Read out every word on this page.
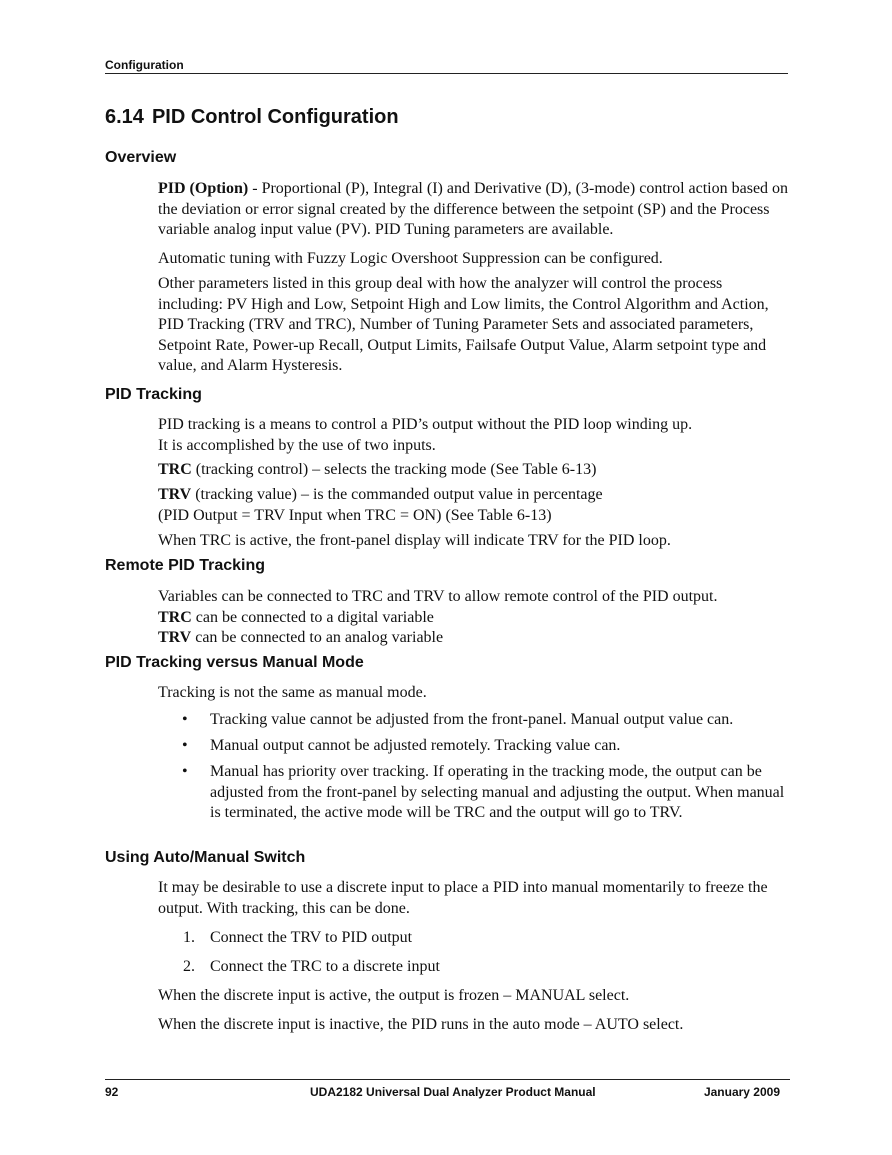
Configuration
6.14 PID Control Configuration
Overview

PID (Option) - Proportional (P), Integral (I) and Derivative (D), (3-mode) control action based on the deviation or error signal created by the difference between the setpoint (SP) and the Process variable analog input value (PV). PID Tuning parameters are available.

Automatic tuning with Fuzzy Logic Overshoot Suppression can be configured.

Other parameters listed in this group deal with how the analyzer will control the process including: PV High and Low, Setpoint High and Low limits, the Control Algorithm and Action, PID Tracking (TRV and TRC), Number of Tuning Parameter Sets and associated parameters, Setpoint Rate, Power-up Recall, Output Limits, Failsafe Output Value, Alarm setpoint type and value, and Alarm Hysteresis.

PID Tracking

PID tracking is a means to control a PID’s output without the PID loop winding up.
It is accomplished by the use of two inputs.

TRC (tracking control) – selects the tracking mode (See Table 6-13)

TRV (tracking value) – is the commanded output value in percentage
(PID Output = TRV Input when TRC = ON) (See Table 6-13)

When TRC is active, the front-panel display will indicate TRV for the PID loop.

Remote PID Tracking

Variables can be connected to TRC and TRV to allow remote control of the PID output.
TRC can be connected to a digital variable
TRV can be connected to an analog variable

PID Tracking versus Manual Mode

Tracking is not the same as manual mode.

• Tracking value cannot be adjusted from the front-panel. Manual output value can.

• Manual output cannot be adjusted remotely. Tracking value can.

• Manual has priority over tracking. If operating in the tracking mode, the output can be adjusted from the front-panel by selecting manual and adjusting the output. When manual is terminated, the active mode will be TRC and the output will go to TRV.

Using Auto/Manual Switch

It may be desirable to use a discrete input to place a PID into manual momentarily to freeze the output. With tracking, this can be done.

1. Connect the TRV to PID output

2. Connect the TRC to a discrete input

When the discrete input is active, the output is frozen – MANUAL select.

When the discrete input is inactive, the PID runs in the auto mode – AUTO select.

92	UDA2182 Universal Dual Analyzer Product Manual	January 2009
